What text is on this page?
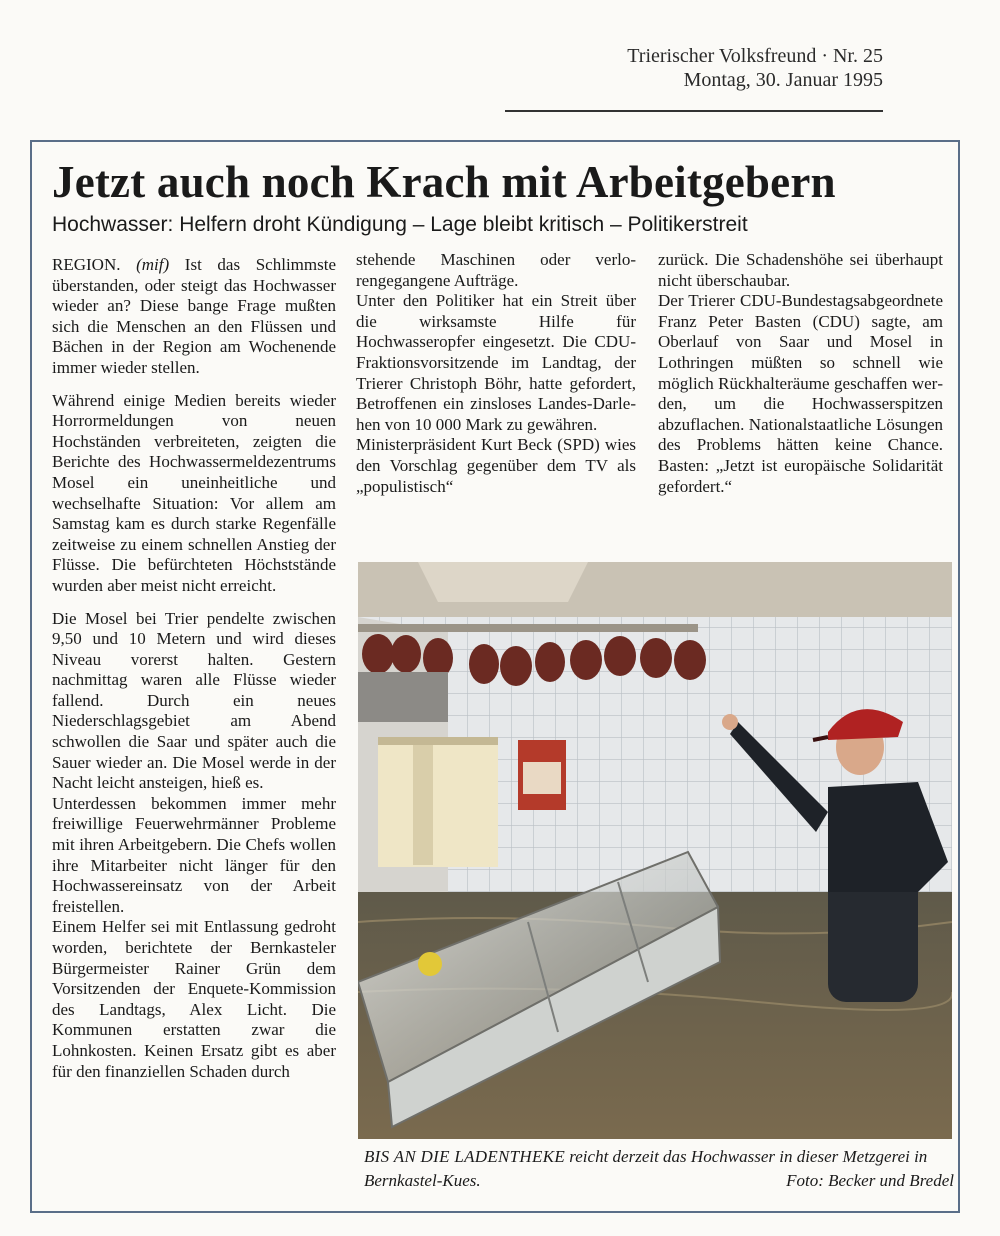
Trierischer Volksfreund · Nr. 25
Montag, 30. Januar 1995
Jetzt auch noch Krach mit Arbeitgebern
Hochwasser: Helfern droht Kündigung – Lage bleibt kritisch – Politikerstreit

REGION. (mif) Ist das Schlimmste überstanden, oder steigt das Hochwasser wieder an? Diese bange Frage mußten sich die Menschen an den Flüssen und Bächen in der Region am Wochenende immer wieder stellen.

Während einige Medien bereits wieder Horrormeldungen von neuen Hochständen verbreiteten, zeigten die Berichte des Hochwassermeldezentrums Mosel ein uneinheitliche und wechselhafte Situation: Vor allem am Samstag kam es durch starke Regenfälle zeitweise zu einem schnellen Anstieg der Flüsse. Die befürchteten Höchststände wurden aber meist nicht erreicht.

Die Mosel bei Trier pendelte zwischen 9,50 und 10 Metern und wird dieses Niveau vorerst halten. Gestern nachmittag waren alle Flüsse wieder fallend. Durch ein neues Niederschlagsgebiet am Abend schwollen die Saar und später auch die Sauer wieder an. Die Mosel werde in der Nacht leicht ansteigen, hieß es.

Unterdessen bekommen immer mehr freiwillige Feuerwehrmänner Probleme mit ihren Arbeitgebern. Die Chefs wollen ihre Mitarbeiter nicht länger für den Hochwassereinsatz von der Arbeit freistellen.

Einem Helfer sei mit Entlassung gedroht worden, berichtete der Bernkasteler Bürgermeister Rainer Grün dem Vorsitzenden der Enquete-Kommission des Landtags, Alex Licht. Die Kommunen erstatten zwar die Lohnkosten. Keinen Ersatz gibt es aber für den finanziellen Schaden durch

stehende Maschinen oder verlorengegangene Aufträge.

Unter den Politiker hat ein Streit über die wirksamste Hilfe für Hochwasseropfer eingesetzt. Die CDU-Fraktionsvorsitzende im Landtag, der Trierer Christoph Böhr, hatte gefordert, Betroffenen ein zinsloses Landes-Darlehen von 10 000 Mark zu gewähren.

Ministerpräsident Kurt Beck (SPD) wies den Vorschlag gegenüber dem TV als „populistisch“

zurück. Die Schadenshöhe sei überhaupt nicht überschaubar.

Der Trierer CDU-Bundestagsabgeordnete Franz Peter Basten (CDU) sagte, am Oberlauf von Saar und Mosel in Lothringen müßten so schnell wie möglich Rückhalteräume geschaffen werden, um die Hochwasserspitzen abzuflachen. Nationalstaatliche Lösungen des Problems hätten keine Chance. Basten: „Jetzt ist europäische Solidarität gefordert.“

BIS AN DIE LADENTHEKE reicht derzeit das Hochwasser in dieser Metzgerei in Bernkastel-Kues.	Foto: Becker und Bredel
